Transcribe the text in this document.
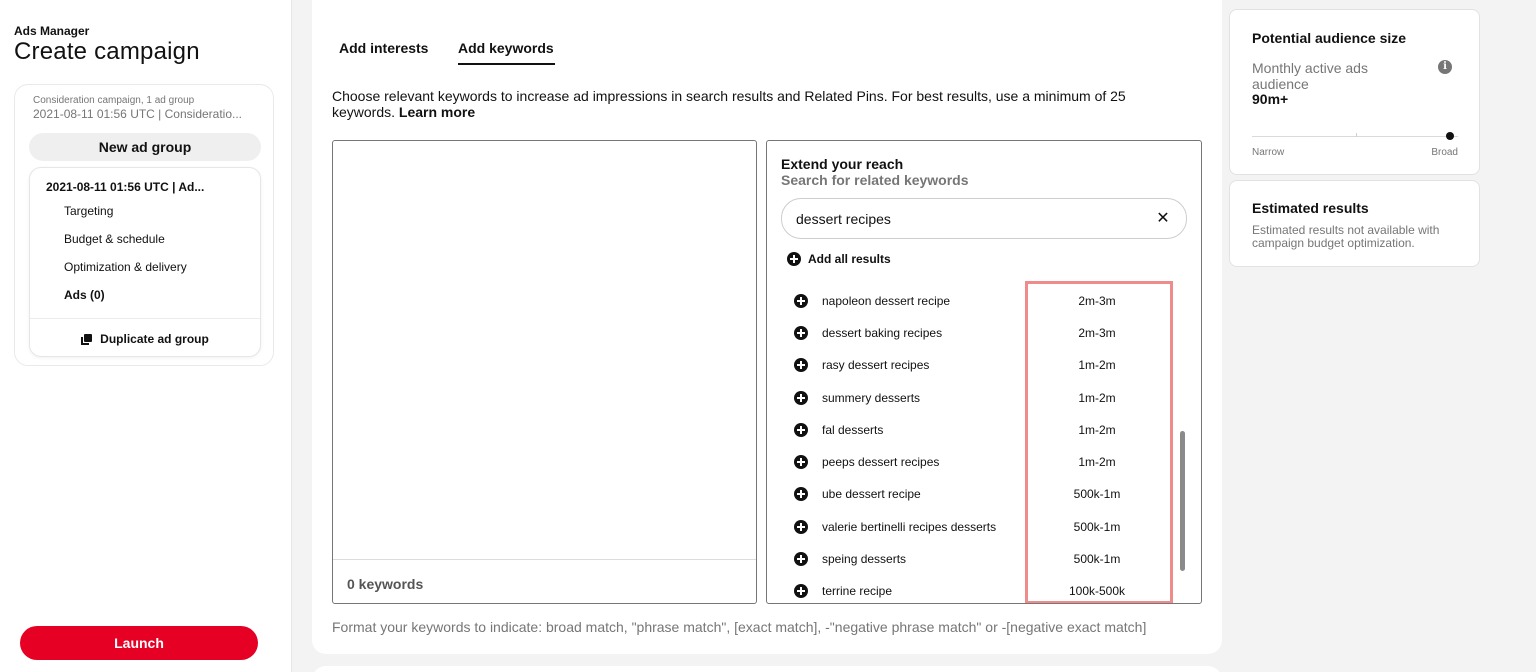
Ads Manager
Create campaign
Consideration campaign, 1 ad group
2021-08-11 01:56 UTC | Consideratio...
New ad group
2021-08-11 01:56 UTC | Ad...
Targeting
Budget & schedule
Optimization & delivery
Ads (0)
Duplicate ad group
Launch
Add interests Add keywords

Choose relevant keywords to increase ad impressions in search results and Related Pins. For best results, use a minimum of 25 keywords. Learn more

0 keywords
Extend your reach
Search for related keywords
dessert recipes
✕
Add all results
napoleon dessert recipe	2m-3m
dessert baking recipes	2m-3m
rasy dessert recipes	1m-2m
summery desserts	1m-2m
fal desserts	1m-2m
peeps dessert recipes	1m-2m
ube dessert recipe	500k-1m
valerie bertinelli recipes desserts	500k-1m
speing desserts	500k-1m
terrine recipe	100k-500k
Format your keywords to indicate: broad match, "phrase match", [exact match], -"negative phrase match" or -[negative exact match]
Potential audience size
Monthly active ads audience
i
90m+
Narrow	Broad
Estimated results
Estimated results not available with campaign budget optimization.
